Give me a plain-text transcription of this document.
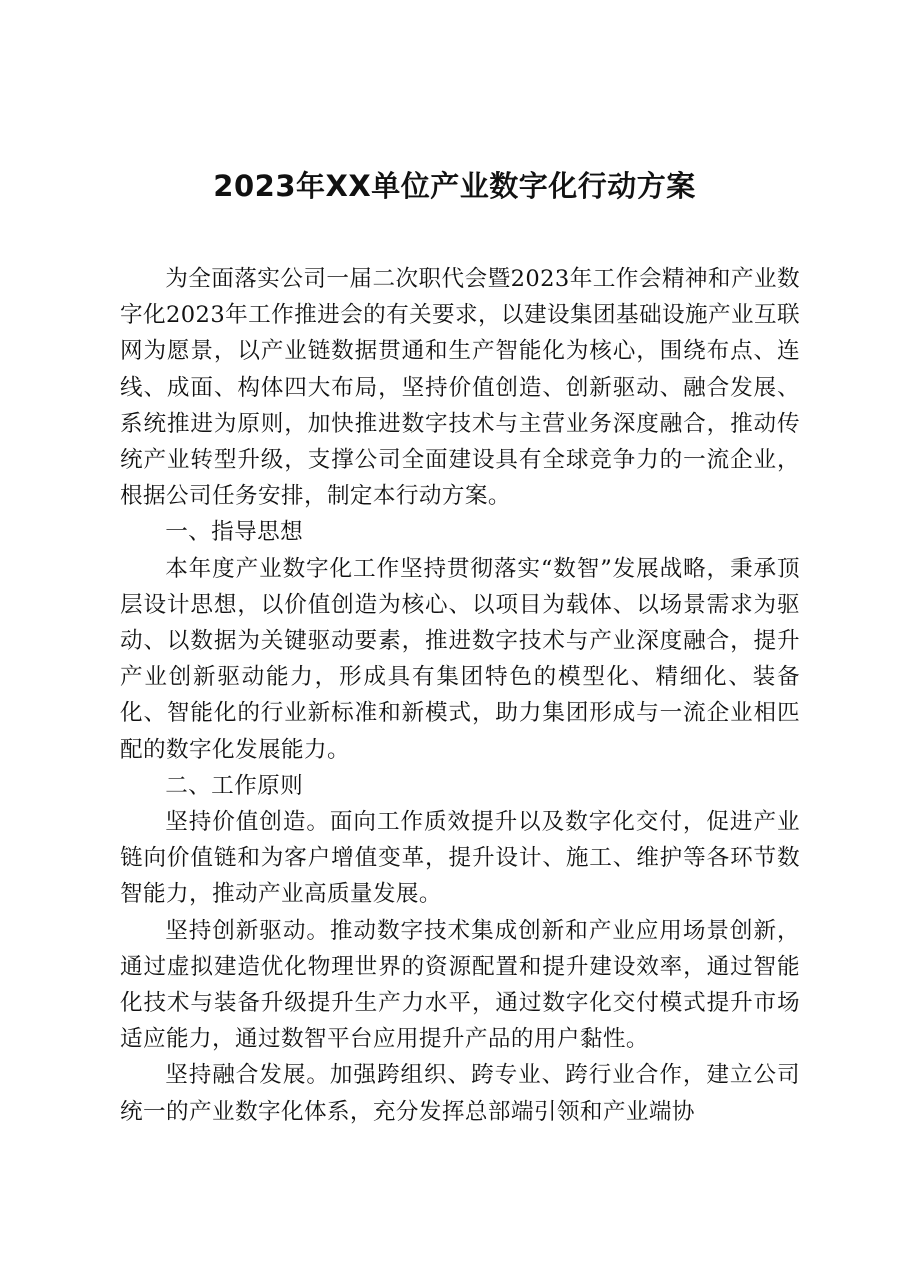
2023年XX单位产业数字化行动方案

为全面落实公司一届二次职代会暨2023年工作会精神和产业数字化2023年工作推进会的有关要求，以建设集团基础设施产业互联网为愿景，以产业链数据贯通和生产智能化为核心，围绕布点、连线、成面、构体四大布局，坚持价值创造、创新驱动、融合发展、系统推进为原则，加快推进数字技术与主营业务深度融合，推动传统产业转型升级，支撑公司全面建设具有全球竞争力的一流企业，根据公司任务安排，制定本行动方案。

一、指导思想

本年度产业数字化工作坚持贯彻落实“数智”发展战略，秉承顶层设计思想，以价值创造为核心、以项目为载体、以场景需求为驱动、以数据为关键驱动要素，推进数字技术与产业深度融合，提升产业创新驱动能力，形成具有集团特色的模型化、精细化、装备化、智能化的行业新标准和新模式，助力集团形成与一流企业相匹配的数字化发展能力。

二、工作原则

坚持价值创造。面向工作质效提升以及数字化交付，促进产业链向价值链和为客户增值变革，提升设计、施工、维护等各环节数智能力，推动产业高质量发展。

坚持创新驱动。推动数字技术集成创新和产业应用场景创新，通过虚拟建造优化物理世界的资源配置和提升建设效率，通过智能化技术与装备升级提升生产力水平，通过数字化交付模式提升市场适应能力，通过数智平台应用提升产品的用户黏性。

坚持融合发展。加强跨组织、跨专业、跨行业合作，建立公司统一的产业数字化体系，充分发挥总部端引领和产业端协
